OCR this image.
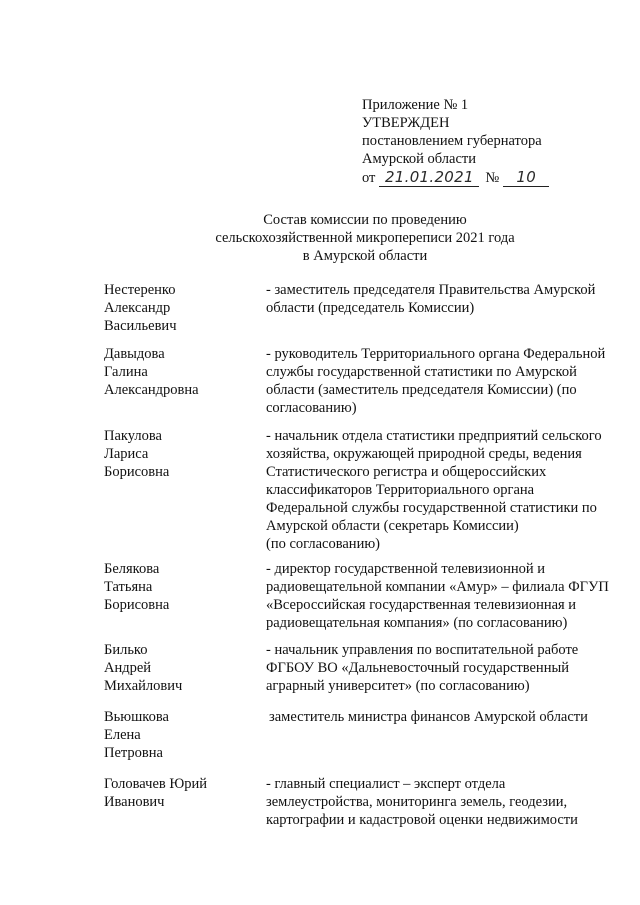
Приложение № 1
УТВЕРЖДЕН
постановлением губернатора
Амурской области
от 21.01.2021 №	10
Состав комиссии по проведению
сельскохозяйственной микропереписи 2021 года
в Амурской области
Нестеренко
Александр
Васильевич
- заместитель председателя Правительства Амурской
области (председатель Комиссии)
Давыдова
Галина
Александровна
- руководитель Территориального органа Федеральной
службы государственной статистики по Амурской
области (заместитель председателя Комиссии) (по
согласованию)
Пакулова
Лариса
Борисовна
- начальник отдела статистики предприятий сельского
хозяйства, окружающей природной среды, ведения
Статистического регистра и общероссийских
классификаторов Территориального органа
Федеральной службы государственной статистики по
Амурской области (секретарь Комиссии)
(по согласованию)
Белякова
Татьяна
Борисовна
- директор государственной телевизионной и
радиовещательной компании «Амур» – филиала ФГУП
«Всероссийская государственная телевизионная и
радиовещательная компания» (по согласованию)
Билько
Андрей
Михайлович
- начальник управления по воспитательной работе
ФГБОУ ВО «Дальневосточный государственный
аграрный университет» (по согласованию)
Вьюшкова
Елена
Петровна
заместитель министра финансов Амурской области
Головачев Юрий
Иванович
- главный специалист – эксперт отдела
землеустройства, мониторинга земель, геодезии,
картографии и кадастровой оценки недвижимости
